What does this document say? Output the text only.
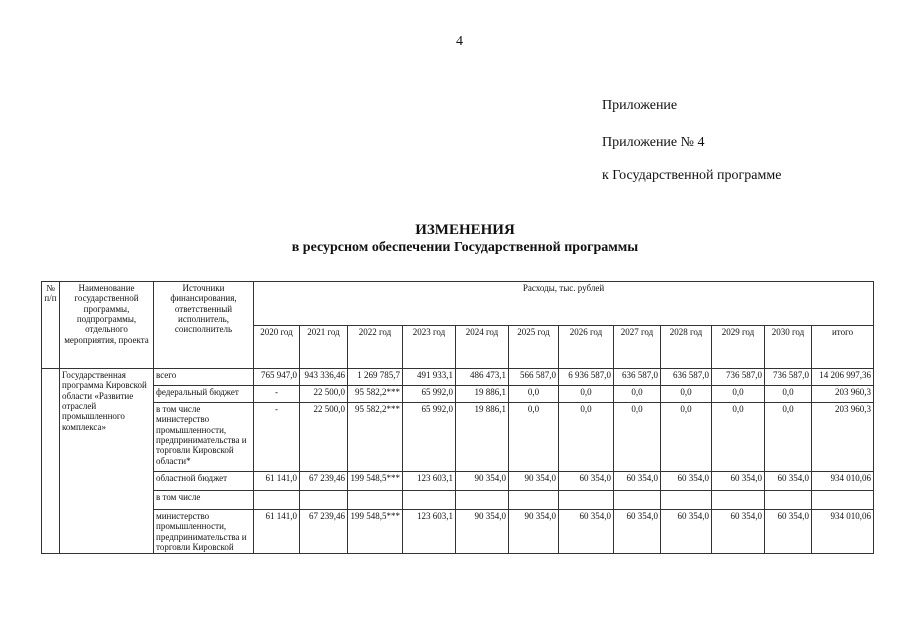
4
Приложение
Приложение № 4
к Государственной программе
ИЗМЕНЕНИЯ
в ресурсном обеспечении Государственной программы
№ п/п	Наименование государственной программы, подпрограммы, отдельного мероприятия, проекта	Источники финансирования, ответственный исполнитель, соисполнитель	Расходы, тыс. рублей											
			2020 год	2021 год	2022 год	2023 год	2024 год	2025 год	2026 год	2027 год	2028 год	2029 год	2030 год	итого
	Государственная программа Кировской области «Развитие отраслей промышленного комплекса»	всего	765 947,0	943 336,46	1 269 785,7	491 933,1	486 473,1	566 587,0	6 936 587,0	636 587,0	636 587,0	736 587,0	736 587,0	14 206 997,36
		федеральный бюджет	-	22 500,0	95 582,2***	65 992,0	19 886,1	0,0	0,0	0,0	0,0	0,0	0,0	203 960,3
		в том числе министерство промышленности, предпринимательства и торговли Кировской области*	-	22 500,0	95 582,2***	65 992,0	19 886,1	0,0	0,0	0,0	0,0	0,0	0,0	203 960,3
		областной бюджет	61 141,0	67 239,46	199 548,5***	123 603,1	90 354,0	90 354,0	60 354,0	60 354,0	60 354,0	60 354,0	60 354,0	934 010,06
		в том числе												
		министерство промышленности, предпринимательства и торговли Кировской	61 141,0	67 239,46	199 548,5***	123 603,1	90 354,0	90 354,0	60 354,0	60 354,0	60 354,0	60 354,0	60 354,0	934 010,06
